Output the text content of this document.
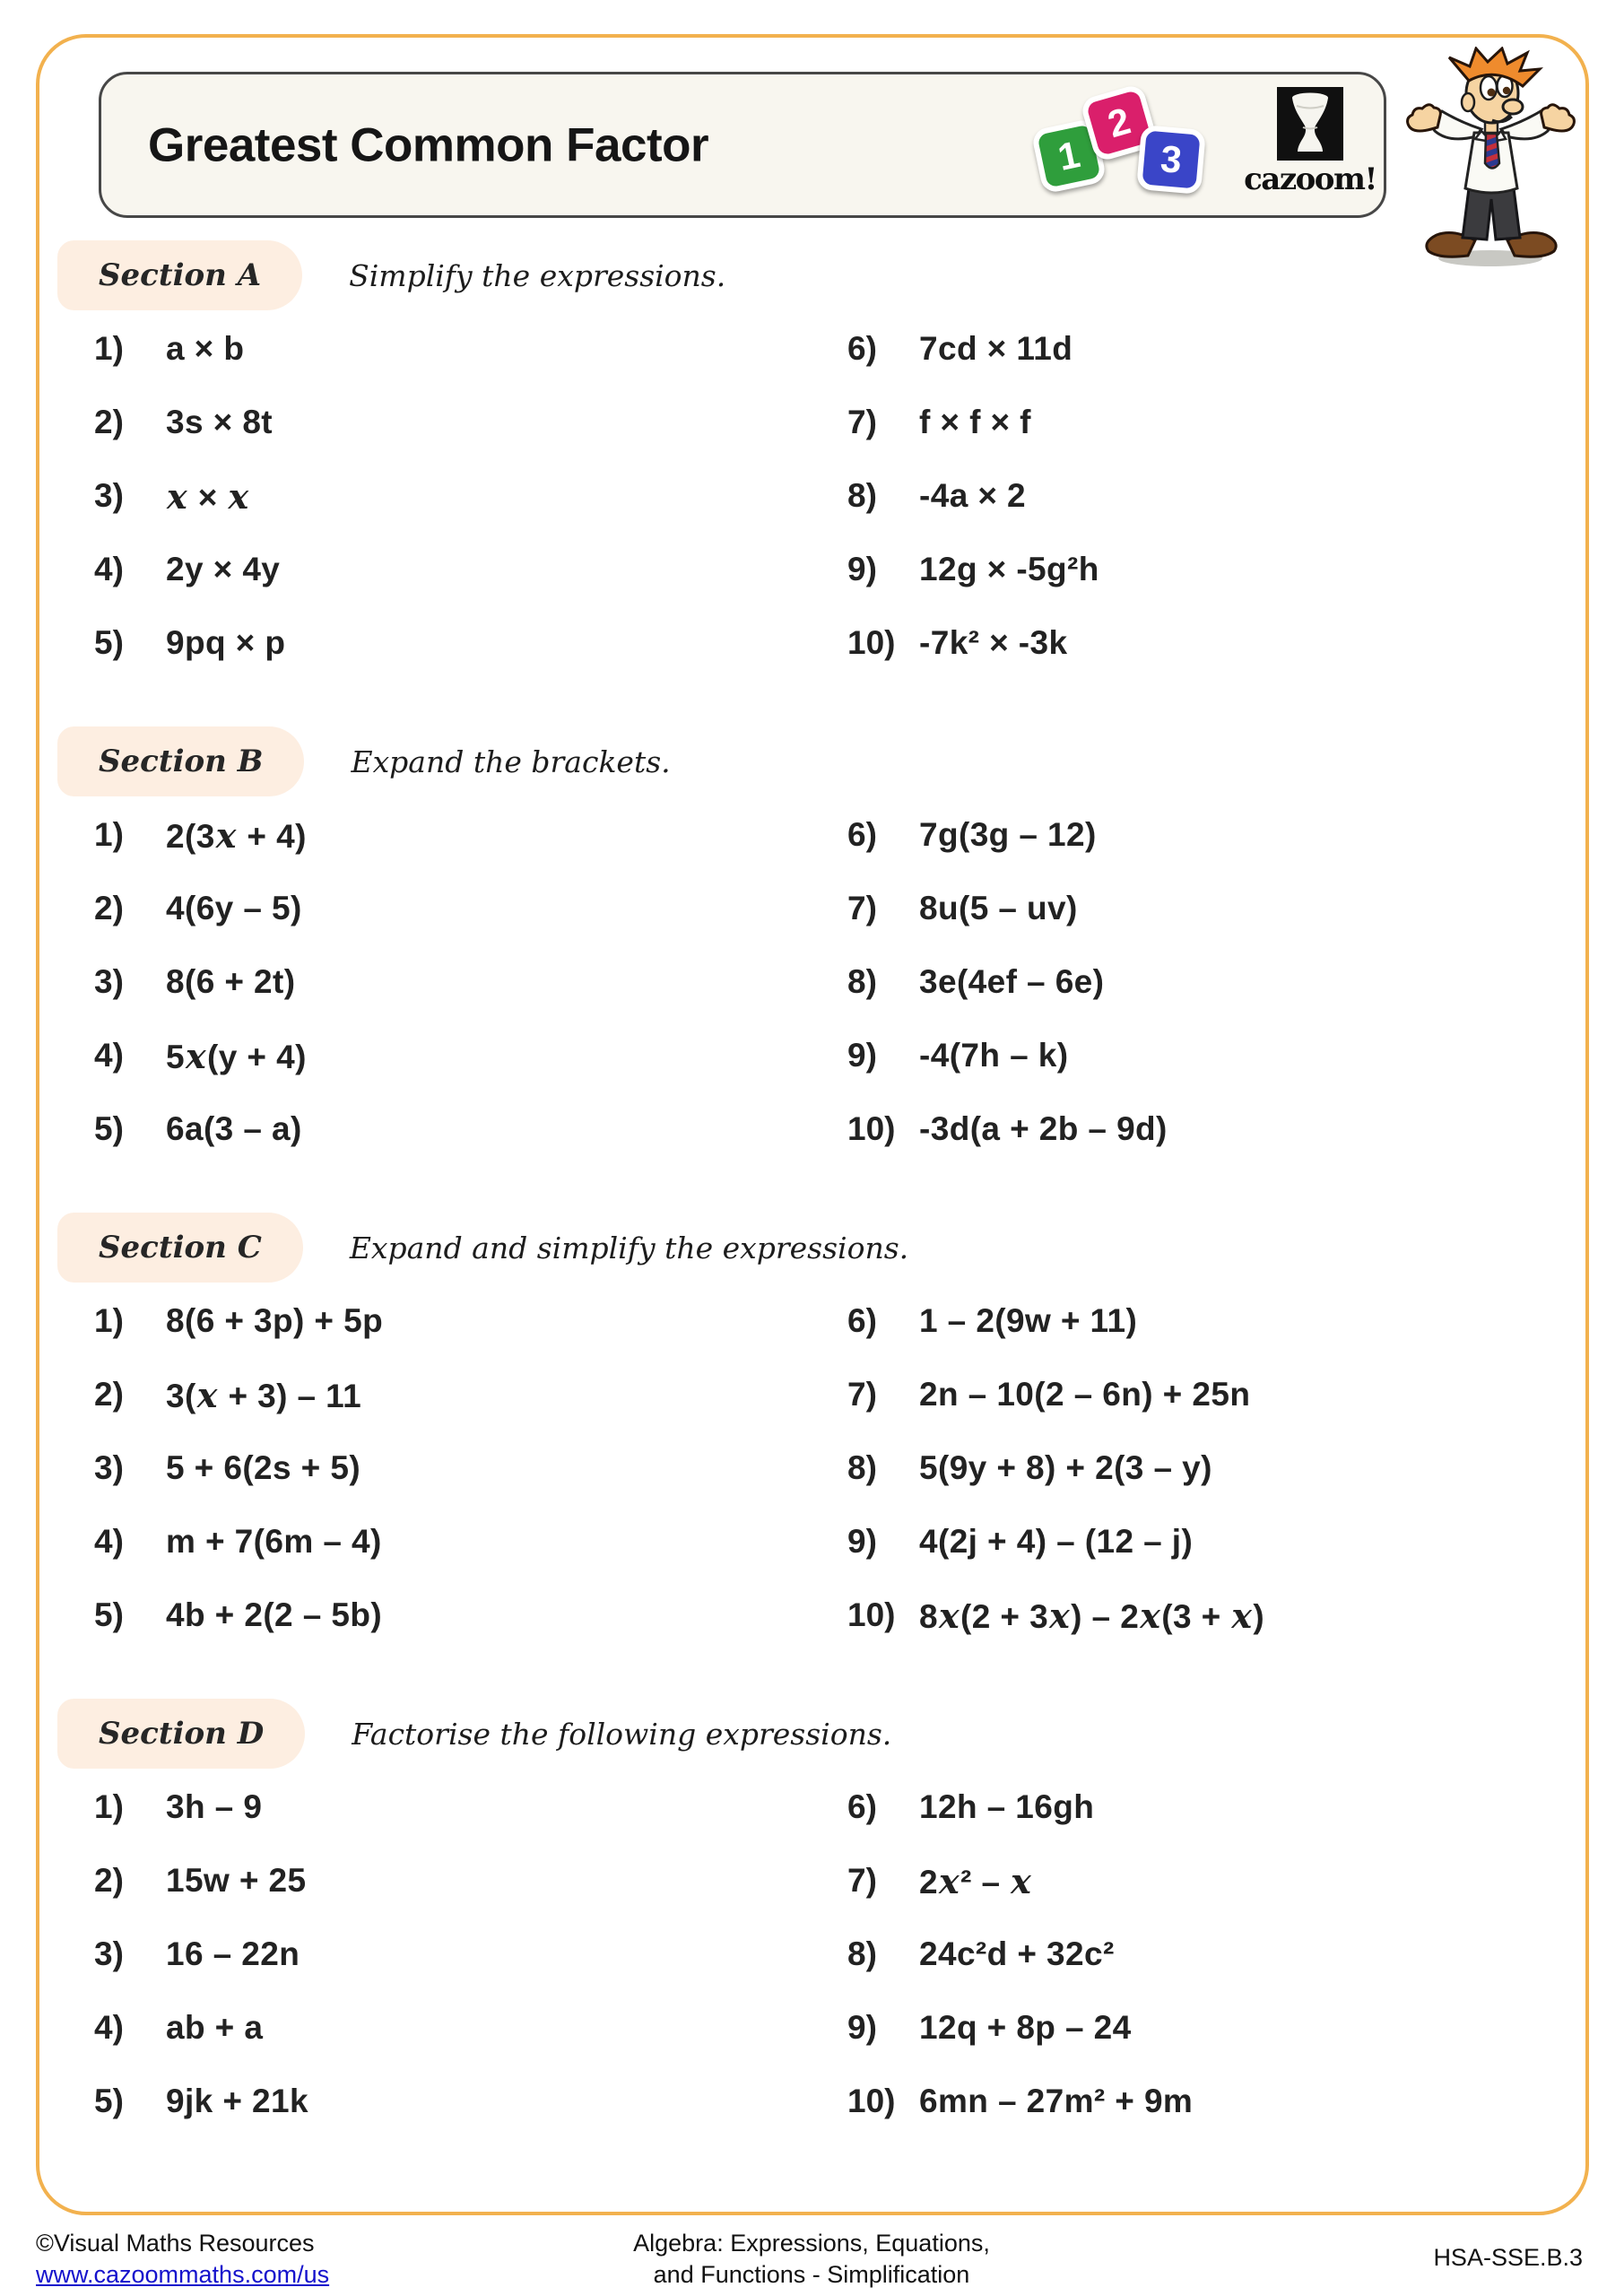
Greatest Common Factor	1
2
3	cazoom!
Section A	Simplify the expressions.
1)	a × b
2)	3s × 8t
3)	x × x
4)	2y × 4y
5)	9pq × p
6)	7cd × 11d
7)	f × f × f
8)	-4a × 2
9)	12g × -5g²h
10) -7k² × -3k
Section B	Expand the brackets.
1)	2(3x + 4)
2)	4(6y – 5)
3)	8(6 + 2t)
4)	5x(y + 4)
5)	6a(3 – a)
6)	7g(3g – 12)
7)	8u(5 – uv)
8)	3e(4ef – 6e)
9)	-4(7h – k)
10) -3d(a + 2b – 9d)
Section C	Expand and simplify the expressions.
1)	8(6 + 3p) + 5p
2)	3(x + 3) – 11
3)	5 + 6(2s + 5)
4)	m + 7(6m – 4)
5)	4b + 2(2 – 5b)
6)	1 – 2(9w + 11)
7)	2n – 10(2 – 6n) + 25n
8)	5(9y + 8) + 2(3 – y)
9)	4(2j + 4) – (12 – j)
10) 8x(2 + 3x) – 2x(3 + x)
Section D	Factorise the following expressions.
1)	3h – 9
2)	15w + 25
3)	16 – 22n
4)	ab + a
5)	9jk + 21k
6)	12h – 16gh
7)	2x² – x
8)	24c²d + 32c²
9)	12q + 8p – 24
10) 6mn – 27m² + 9m
©Visual Maths Resources
www.cazoommaths.com/us
Algebra: Expressions, Equations,
and Functions - Simplification
HSA-SSE.B.3
